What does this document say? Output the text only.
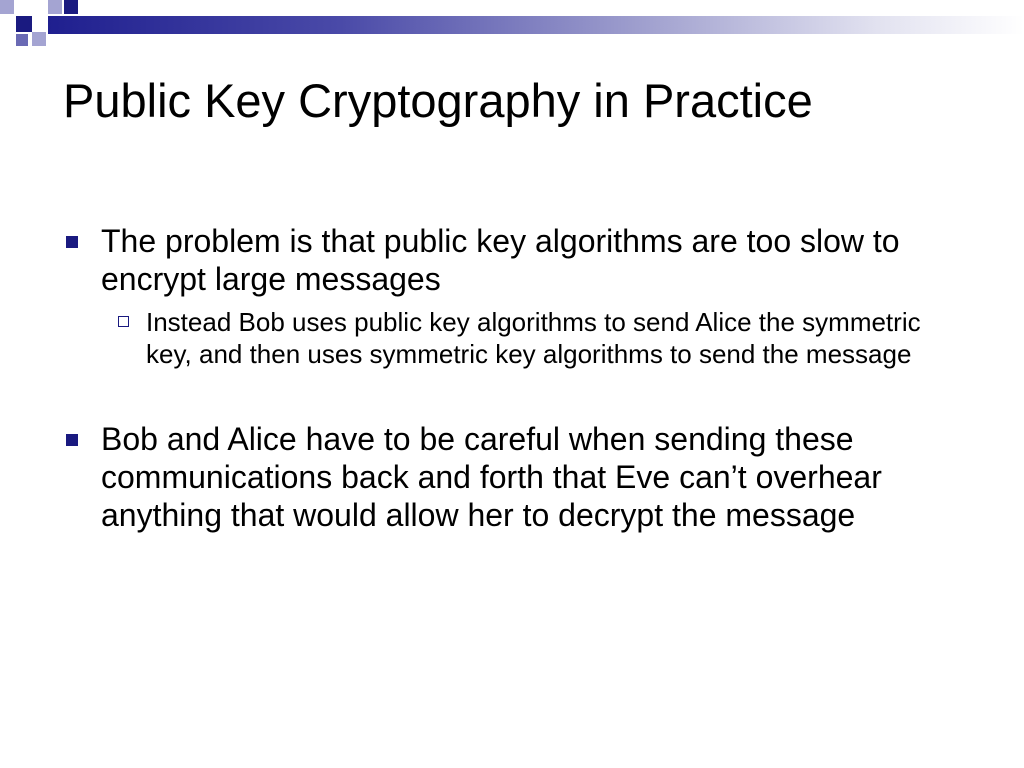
Public Key Cryptography in Practice
The problem is that public key algorithms are too slow to encrypt large messages
Instead Bob uses public key algorithms to send Alice the symmetric key, and then uses symmetric key algorithms to send the message
Bob and Alice have to be careful when sending these communications back and forth that Eve can’t overhear anything that would allow her to decrypt the message
